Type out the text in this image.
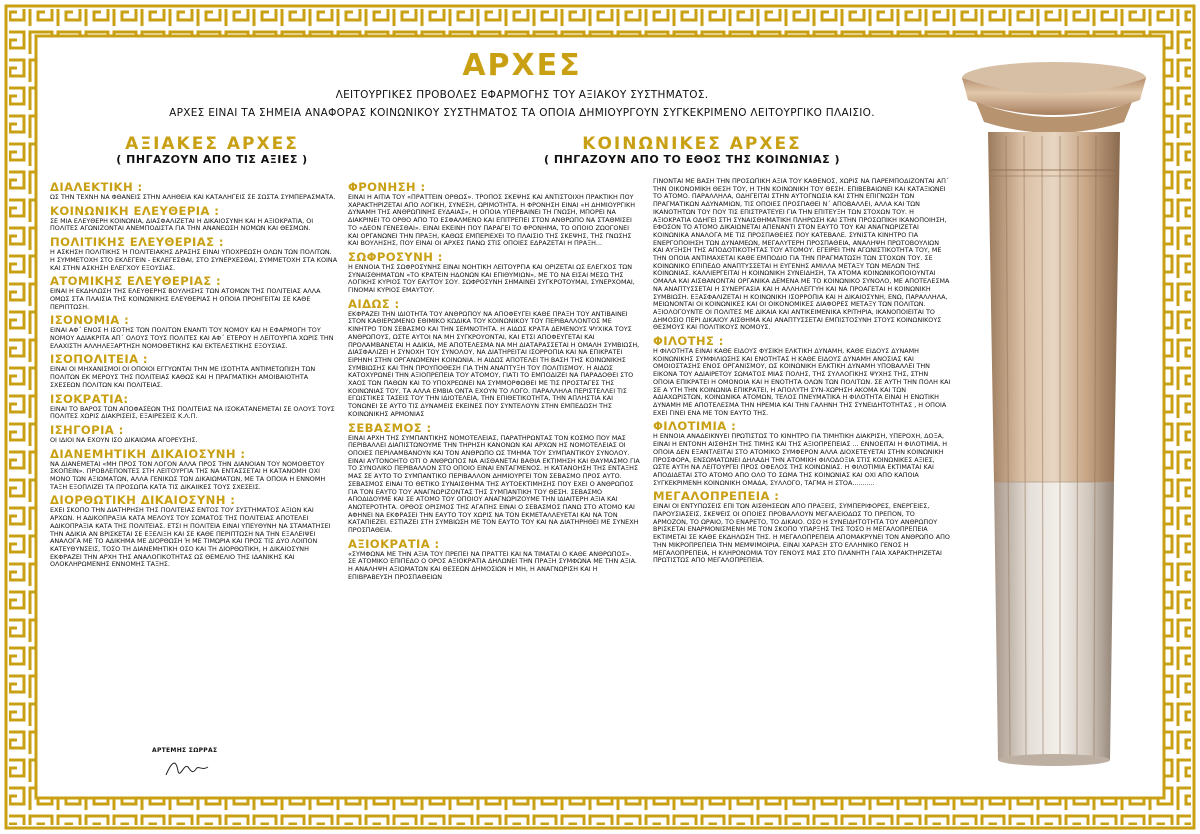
ΑΡΧΕΣ
ΛΕΙΤΟΥΡΓΙΚΕΣ ΠΡΟΒΟΛΕΣ ΕΦΑΡΜΟΓΗΣ ΤΟΥ ΑΞΙΑΚΟΥ ΣΥΣΤΗΜΑΤΟΣ.
ΑΡΧΕΣ ΕΙΝΑΙ ΤΑ ΣΗΜΕΙΑ ΑΝΑΦΟΡΑΣ ΚΟΙΝΩΝΙΚΟΥ ΣΥΣΤΗΜΑΤΟΣ ΤΑ ΟΠΟΙΑ ΔΗΜΙΟΥΡΓΟΥΝ ΣΥΓΚΕΚΡΙΜΕΝΟ ΛΕΙΤΟΥΡΓΙΚΟ ΠΛΑΙΣΙΟ.
ΑΞΙΑΚΕΣ ΑΡΧΕΣ
( ΠΗΓΑΖΟΥΝ ΑΠΟ ΤΙΣ ΑΞΙΕΣ )
ΚΟΙΝΩΝΙΚΕΣ ΑΡΧΕΣ
( ΠΗΓΑΖΟΥΝ ΑΠΟ ΤΟ ΕΘΟΣ ΤΗΣ ΚΟΙΝΩΝΙΑΣ )
ΔΙΑΛΕΚΤΙΚΗ :
ΩΣ ΤΗΝ ΤΕΧΝΗ ΝΑ ΦΘΑΝΕΙΣ ΣΤΗΝ ΑΛΗΘΕΙΑ ΚΑΙ ΚΑΤΑΛΗΓΕΙΣ ΣΕ ΣΩΣΤΑ ΣΥΜΠΕΡΑΣΜΑΤΑ.
ΚΟΙΝΩΝΙΚΗ ΕΛΕΥΘΕΡΙΑ :
ΣΕ ΜΙΑ ΕΛΕΥΘΕΡΗ ΚΟΙΝΩΝΙΑ, ΔΙΑΣΦΑΛΙΖΕΤΑΙ Η ΔΙΚΑΙΟΣΥΝΗ ΚΑΙ Η ΑΞΙΟΚΡΑΤΙΑ, ΟΙ ΠΟΛΙΤΕΣ ΑΓΩΝΙΖΟΝΤΑΙ ΑΝΕΜΠΟΔΙΣΤΑ ΓΙΑ ΤΗΝ ΑΝΑΝΕΩΣΗ ΝΟΜΩΝ ΚΑΙ ΘΕΣΜΩΝ.
ΠΟΛΙΤΙΚΗΣ ΕΛΕΥΘΕΡΙΑΣ :
Η ΑΣΚΗΣΗ ΠΟΛΙΤΙΚΗΣ Ή ΠΟΛΙΤΕΙΑΚΗΣ ΔΡΑΣΗΣ ΕΙΝΑΙ ΥΠΟΧΡΕΩΣΗ ΟΛΩΝ ΤΩΝ ΠΟΛΙΤΩΝ. Η ΣΥΜΜΕΤΟΧΗ ΣΤΟ ΕΚΛΕΓΕΙΝ - ΕΚΛΕΓΕΣΘΑΙ, ΣΤΟ ΣΥΝΕΡΧΕΣΘΑΙ, ΣΥΜΜΕΤΟΧΗ ΣΤΑ ΚΟΙΝΑ ΚΑΙ ΣΤΗΝ ΑΣΚΗΣΗ ΕΛΕΓΧΟΥ ΕΞΟΥΣΙΑΣ.
ΑΤΟΜΙΚΗΣ ΕΛΕΥΘΕΡΙΑΣ :
ΕΙΝΑΙ Η ΕΚΔΗΛΩΣΗ ΤΗΣ ΕΛΕΥΘΕΡΗΣ ΒΟΥΛΗΣΗΣ ΤΩΝ ΑΤΟΜΩΝ ΤΗΣ ΠΟΛΙΤΕΙΑΣ ΑΛΛΑ ΟΜΩΣ ΣΤΑ ΠΛΑΙΣΙΑ ΤΗΣ ΚΟΙΝΩΝΙΚΗΣ ΕΛΕΥΘΕΡΙΑΣ Η ΟΠΟΙΑ ΠΡΟΗΓΕΙΤΑΙ ΣΕ ΚΑΘΕ ΠΕΡΙΠΤΩΣΗ.
ΙΣΟΝΟΜΙΑ :
ΕΙΝΑΙ ΑΦ΄ ΕΝΟΣ Η ΙΣΟΤΗΣ ΤΩΝ ΠΟΛΙΤΩΝ ΕΝΑΝΤΙ ΤΟΥ ΝΟΜΟΥ ΚΑΙ Η ΕΦΑΡΜΟΓΗ ΤΟΥ ΝΟΜΟΥ ΑΔΙΑΚΡΙΤΑ ΑΠ΄ ΟΛΟΥΣ ΤΟΥΣ ΠΟΛΙΤΕΣ ΚΑΙ ΑΦ΄ ΕΤΕΡΟΥ Η ΛΕΙΤΟΥΡΓΙΑ ΧΩΡΙΣ ΤΗΝ ΕΛΑΧΙΣΤΗ ΑΛΛΗΛΕΞΑΡΤΗΣΗ ΝΟΜΟΘΕΤΙΚΗΣ ΚΑΙ ΕΚΤΕΛΕΣΤΙΚΗΣ ΕΞΟΥΣΙΑΣ.
ΙΣΟΠΟΛΙΤΕΙΑ :
ΕΙΝΑΙ ΟΙ ΜΗΧΑΝΙΣΜΟΙ ΟΙ ΟΠΟΙΟΙ ΕΓΓΥΩΝΤΑΙ ΤΗΝ ΜΕ ΙΣΟΤΗΤΑ ΑΝΤΙΜΕΤΩΠΙΣΗ ΤΩΝ ΠΟΛΙΤΩΝ ΕΚ ΜΕΡΟΥΣ ΤΗΣ ΠΟΛΙΤΕΙΑΣ ΚΑΘΩΣ ΚΑΙ Η ΠΡΑΓΜΑΤΙΚΗ ΑΜΟΙΒΑΙΟΤΗΤΑ ΣΧΕΣΕΩΝ ΠΟΛΙΤΩΝ ΚΑΙ ΠΟΛΙΤΕΙΑΣ.
ΙΣΟΚΡΑΤΙΑ:
ΕΙΝΑΙ ΤΟ ΒΑΡΟΣ ΤΩΝ ΑΠΟΦΑΣΕΩΝ ΤΗΣ ΠΟΛΙΤΕΙΑΣ ΝΑ ΙΣΟΚΑΤΑΝΕΜΕΤΑΙ ΣΕ ΟΛΟΥΣ ΤΟΥΣ ΠΟΛΙΤΕΣ ΧΩΡΙΣ ΔΙΑΚΡΙΣΕΙΣ, ΕΞΑΙΡΕΣΕΙΣ Κ.Λ.Π.
ΙΣΗΓΟΡΙΑ :
ΟΙ ΙΔΙΟΙ ΝΑ ΕΧΟΥΝ ΙΣΟ ΔΙΚΑΙΩΜΑ ΑΓΟΡΕΥΣΗΣ.
ΔΙΑΝΕΜΗΤΙΚΗ ΔΙΚΑΙΟΣΥΝΗ :
ΝΑ ΔΙΑΝΕΜΕΤΑΙ «ΜΗ ΠΡΟΣ ΤΟΝ ΛΟΓΟΝ ΑΛΛΑ ΠΡΟΣ ΤΗΝ ΔΙΑΝΟΙΑΝ ΤΟΥ ΝΟΜΟΘΕΤΟΥ ΣΚΟΠΕΙΝ». ΠΡΟΒΛΕΠΟΝΤΕΣ ΣΤΗ ΛΕΙΤΟΥΡΓΙΑ ΤΗΣ ΝΑ ΕΝΤΑΣΣΕΤΑΙ Η ΚΑΤΑΝΟΜΗ ΟΧΙ ΜΟΝΟ ΤΩΝ ΑΞΙΩΜΑΤΩΝ, ΑΛΛΑ ΓΕΝΙΚΩΣ ΤΩΝ ΔΙΚΑΙΩΜΑΤΩΝ, ΜΕ ΤΑ ΟΠΟΙΑ Η ΕΝΝΟΜΗ ΤΑΞΗ ΕΞΟΠΛΙΖΕΙ ΤΑ ΠΡΟΣΩΠΑ ΚΑΤΑ ΤΙΣ ΔΙΚΑΙΙΚΕΣ ΤΟΥΣ ΣΧΕΣΕΙΣ.
ΔΙΟΡΘΩΤΙΚΗ ΔΙΚΑΙΟΣΥΝΗ :
ΕΧΕΙ ΣΚΟΠΟ ΤΗΝ ΔΙΑΤΗΡΗΣΗ ΤΗΣ ΠΟΛΙΤΕΙΑΣ ΕΝΤΟΣ ΤΟΥ ΣΥΣΤΗΜΑΤΟΣ ΑΞΙΩΝ ΚΑΙ ΑΡΧΩΝ. Η ΑΔΙΚΟΠΡΑΞΙΑ ΚΑΤΑ ΜΕΛΟΥΣ ΤΟΥ ΣΩΜΑΤΟΣ ΤΗΣ ΠΟΛΙΤΕΙΑΣ ΑΠΟΤΕΛΕΙ ΑΔΙΚΟΠΡΑΞΙΑ ΚΑΤΑ ΤΗΣ ΠΟΛΙΤΕΙΑΣ. ΕΤΣΙ Η ΠΟΛΙΤΕΙΑ ΕΙΝΑΙ ΥΠΕΥΘΥΝΗ ΝΑ ΣΤΑΜΑΤΗΣΕΙ ΤΗΝ ΑΔΙΚΙΑ ΑΝ ΒΡΙΣΚΕΤΑΙ ΣΕ ΕΞΕΛΙΞΗ ΚΑΙ ΣΕ ΚΑΘΕ ΠΕΡΙΠΤΩΣΗ ΝΑ ΤΗΝ ΕΞΑΛΕΙΨΕΙ ΑΝΑΛΟΓΑ ΜΕ ΤΟ ΑΔΙΚΗΜΑ ΜΕ ΔΙΟΡΘΩΣΗ Ή ΜΕ ΤΙΜΩΡΙΑ ΚΑΙ ΠΡΟΣ ΤΙΣ ΔΥΟ ΛΟΙΠΟΝ ΚΑΤΕΥΘΥΝΣΕΙΣ, ΤΟΣΟ ΤΗ ΔΙΑΝΕΜΗΤΙΚΗ ΟΣΟ ΚΑΙ ΤΗ ΔΙΟΡΘΩΤΙΚΗ, Η ΔΙΚΑΙΟΣΥΝΗ ΕΚΦΡΑΖΕΙ ΤΗΝ ΑΡΧΗ ΤΗΣ ΑΝΑΛΟΓΙΚΟΤΗΤΑΣ ΩΣ ΘΕΜΕΛΙΟ ΤΗΣ ΙΔΑΝΙΚΗΣ ΚΑΙ ΟΛΟΚΛΗΡΩΜΕΝΗΣ ΕΝΝΟΜΗΣ ΤΑΞΗΣ.
ΦΡΟΝΗΣΗ :
ΕΙΝΑΙ Η ΑΙΤΙΑ ΤΟΥ «ΠΡΑΤΤΕΙΝ ΟΡΘΩΣ». ΤΡΟΠΟΣ ΣΚΕΨΗΣ ΚΑΙ ΑΝΤΙΣΤΟΙΧΗ ΠΡΑΚΤΙΚΗ ΠΟΥ ΧΑΡΑΚΤΗΡΙΖΕΤΑΙ ΑΠΟ ΛΟΓΙΚΗ, ΣΥΝΕΣΗ, ΩΡΙΜΟΤΗΤΑ. Η ΦΡΟΝΗΣΗ ΕΙΝΑΙ «Η ΔΗΜΙΟΥΡΓΙΚΗ ΔΥΝΑΜΗ ΤΗΣ ΑΝΘΡΩΠΙΝΗΣ ΕΥΔΑΙΑΣ», Η ΟΠΟΙΑ ΥΠΕΡΒΑΙΝΕΙ ΤΗ ΓΝΩΣΗ, ΜΠΟΡΕΙ ΝΑ ΔΙΑΚΡΙΝΕΙ ΤΟ ΟΡΘΟ ΑΠΟ ΤΟ ΕΣΦΑΛΜΕΝΟ ΚΑΙ ΕΠΙΤΡΕΠΕΙ ΣΤΟΝ ΑΝΘΡΩΠΟ ΝΑ ΣΤΑΘΜΙΣΕΙ ΤΟ «ΔΕΟΝ ΓΕΝΕΣΘΑΙ». ΕΙΝΑΙ ΕΚΕΙΝΗ ΠΟΥ ΠΑΡΑΓΕΙ ΤΟ ΦΡΟΝΗΜΑ, ΤΟ ΟΠΟΙΟ ΖΩΟΓΟΝΕΙ ΚΑΙ ΟΡΓΑΝΩΝΕΙ ΤΗΝ ΠΡΑΞΗ, ΚΑΘΩΣ ΕΜΠΕΡΙΕΧΕΙ ΤΟ ΠΛΑΙΣΙΟ ΤΗΣ ΣΚΕΨΗΣ, ΤΗΣ ΓΝΩΣΗΣ ΚΑΙ ΒΟΥΛΗΣΗΣ, ΠΟΥ ΕΙΝΑΙ ΟΙ ΑΡΧΕΣ ΠΑΝΩ ΣΤΙΣ ΟΠΟΙΕΣ ΕΔΡΑΖΕΤΑΙ Η ΠΡΑΞΗ...
ΣΩΦΡΟΣΥΝΗ :
Η ΕΝΝΟΙΑ ΤΗΣ ΣΩΦΡΟΣΥΝΗΣ ΕΙΝΑΙ ΝΟΗΤΙΚΗ ΛΕΙΤΟΥΡΓΙΑ ΚΑΙ ΟΡΙΖΕΤΑΙ ΩΣ ΕΛΕΓΧΟΣ ΤΩΝ ΣΥΝΑΙΣΘΗΜΑΤΩΝ «ΤΟ ΚΡΑΤΕΙΝ ΗΔΟΝΩΝ ΚΑΙ ΕΠΙΘΥΜΙΩΝ», ΜΕ ΤΟ ΝΑ ΕΙΣΑΙ ΜΕΣΩ ΤΗΣ ΛΟΓΙΚΗΣ ΚΥΡΙΟΣ ΤΟΥ ΕΑΥΤΟΥ ΣΟΥ. ΣΩΦΡΟΣΥΝΗ ΣΗΜΑΙΝΕΙ ΣΥΓΚΡΟΤΟΥΜΑΙ, ΣΥΝΕΡΧΟΜΑΙ, ΓΙΝΟΜΑΙ ΚΥΡΙΟΣ ΕΜΑΥΤΟΥ.
ΑΙΔΩΣ :
ΕΚΦΡΑΖΕΙ ΤΗΝ ΙΔΙΟΤΗΤΑ ΤΟΥ ΑΝΘΡΩΠΟΥ ΝΑ ΑΠΟΦΕΥΓΕΙ ΚΑΘΕ ΠΡΑΞΗ ΤΟΥ ΑΝΤΙΒΑΙΝΕΙ ΣΤΟΝ ΚΑΘΙΕΡΩΜΕΝΟ ΕΘΙΜΙΚΟ ΚΩΔΙΚΑ ΤΟΥ ΚΟΙΝΩΝΙΚΟΥ ΤΟΥ ΠΕΡΙΒΑΛΛΟΝΤΟΣ ΜΕ ΚΙΝΗΤΡΟ ΤΟΝ ΣΕΒΑΣΜΟ ΚΑΙ ΤΗΝ ΣΕΜΝΟΤΗΤΑ. Η ΑΙΔΩΣ ΚΡΑΤΑ ΔΕΜΕΝΟΥΣ ΨΥΧΙΚΑ ΤΟΥΣ ΑΝΘΡΩΠΟΥΣ, ΩΣΤΕ ΑΥΤΟΙ ΝΑ ΜΗ ΣΥΓΚΡΟΥΟΝΤΑΙ, ΚΑΙ ΕΤΣΙ ΑΠΟΦΕΥΓΕΤΑΙ ΚΑΙ ΠΡΟΛΑΜΒΑΝΕΤΑΙ Η ΑΔΙΚΙΑ, ΜΕ ΑΠΟΤΕΛΕΣΜΑ ΝΑ ΜΗ ΔΙΑΤΑΡΑΣΣΕΤΑΙ Η ΟΜΑΛΗ ΣΥΜΒΙΩΣΗ, ΔΙΑΣΦΑΛΙΖΕΙ Η ΣΥΝΟΧΗ ΤΟΥ ΣΥΝΟΛΟΥ, ΝΑ ΔΙΑΤΗΡΕΙΤΑΙ ΙΣΟΡΡΟΠΙΑ ΚΑΙ ΝΑ ΕΠΙΚΡΑΤΕΙ ΕΙΡΗΝΗ ΣΤΗΝ ΟΡΓΑΝΩΜΕΝΗ ΚΟΙΝΩΝΙΑ. Η ΑΙΔΩΣ ΑΠΟΤΕΛΕΙ ΤΗ ΒΑΣΗ ΤΗΣ ΚΟΙΝΩΝΙΚΗΣ ΣΥΜΒΙΩΣΗΣ ΚΑΙ ΤΗΝ ΠΡΟΥΠΟΘΕΣΗ ΓΙΑ ΤΗΝ ΑΝΑΠΤΥΞΗ ΤΟΥ ΠΟΛΙΤΙΣΜΟΥ. Η ΑΙΔΩΣ ΚΑΤΟΧΥΡΩΝΕΙ ΤΗΝ ΑΞΙΟΠΡΕΠΕΙΑ ΤΟΥ ΑΤΟΜΟΥ, ΓΙΑΤΙ ΤΟ ΕΜΠΟΔΙΖΕΙ ΝΑ ΠΑΡΑΔΟΘΕΙ ΣΤΟ ΧΑΟΣ ΤΩΝ ΠΑΘΩΝ ΚΑΙ ΤΟ ΥΠΟΧΡΕΩΝΕΙ ΝΑ ΣΥΜΜΟΡΦΩΘΕΙ ΜΕ ΤΙΣ ΠΡΟΣΤΑΓΕΣ ΤΗΣ ΚΟΙΝΩΝΙΑΣ ΤΟΥ. ΤΑ ΑΛΛΑ ΕΜΒΙΑ ΟΝΤΑ ΕΧΟΥΝ ΤΟ ΛΟΓΟ. ΠΑΡΑΛΛΗΛΑ ΠΕΡΙΣΤΕΛΛΕΙ ΤΙΣ ΕΓΩΙΣΤΙΚΕΣ ΤΑΣΕΙΣ ΤΟΥ ΤΗΝ ΙΔΙΟΤΕΛΕΙΑ, ΤΗΝ ΕΠΙΘΕΤΙΚΟΤΗΤΑ, ΤΗΝ ΑΠΛΗΣΤΙΑ ΚΑΙ ΤΟΝΩΝΕΙ ΣΕ ΑΥΤΟ ΤΙΣ ΔΥΝΑΜΕΙΣ ΕΚΕΙΝΕΣ ΠΟΥ ΣΥΝΤΕΛΟΥΝ ΣΤΗΝ ΕΜΠΕΔΩΣΗ ΤΗΣ ΚΟΙΝΩΝΙΚΗΣ ΑΡΜΟΝΙΑΣ
ΣΕΒΑΣΜΟΣ :
ΕΙΝΑΙ ΑΡΧΗ ΤΗΣ ΣΥΜΠΑΝΤΙΚΗΣ ΝΟΜΟΤΕΛΕΙΑΣ, ΠΑΡΑΤΗΡΩΝΤΑΣ ΤΟΝ ΚΟΣΜΟ ΠΟΥ ΜΑΣ ΠΕΡΙΒΑΛΛΕΙ ΔΙΑΠΙΣΤΩΝΟΥΜΕ ΤΗΝ ΤΗΡΗΣΗ ΚΑΝΟΝΩΝ ΚΑΙ ΑΡΧΩΝ ΗΣ ΝΟΜΟΤΕΛΕΙΑΣ ΟΙ ΟΠΟΙΕΣ ΠΕΡΙΛΑΜΒΑΝΟΥΝ ΚΑΙ ΤΟΝ ΑΝΘΡΩΠΟ ΩΣ ΤΜΗΜΑ ΤΟΥ ΣΥΜΠΑΝΤΙΚΟΥ ΣΥΝΟΛΟΥ. ΕΙΝΑΙ ΑΥΤΟΝΟΗΤΟ ΟΤΙ Ο ΑΝΘΡΩΠΟΣ ΝΑ ΑΙΣΘΑΝΕΤΑΙ ΒΑΘΙΑ ΕΚΤΙΜΗΣΗ ΚΑΙ ΘΑΥΜΑΣΜΟ ΓΙΑ ΤΟ ΣΥΝΟΛΙΚΟ ΠΕΡΙΒΑΛΛΟΝ ΣΤΟ ΟΠΟΙΟ ΕΙΝΑΙ ΕΝΤΑΓΜΕΝΟΣ. Η ΚΑΤΑΝΟΗΣΗ ΤΗΣ ΕΝΤΑΞΗΣ ΜΑΣ ΣΕ ΑΥΤΟ ΤΟ ΣΥΜΠΑΝΤΙΚΟ ΠΕΡΙΒΑΛΛΟΝ ΔΗΜΙΟΥΡΓΕΙ ΤΟΝ ΣΕΒΑΣΜΟ ΠΡΟΣ ΑΥΤΟ. ΣΕΒΑΣΜΟΣ ΕΙΝΑΙ ΤΟ ΘΕΤΙΚΟ ΣΥΝΑΙΣΘΗΜΑ ΤΗΣ ΑΥΤΟΕΚΤΙΜΗΣΗΣ ΠΟΥ ΕΧΕΙ Ο ΑΝΘΡΩΠΟΣ ΓΙΑ ΤΟΝ ΕΑΥΤΟ ΤΟΥ ΑΝΑΓΝΩΡΙΖΟΝΤΑΣ ΤΗΣ ΣΥΜΠΑΝΤΙΚΗ ΤΟΥ ΘΕΣΗ. ΣΕΒΑΣΜΟ ΑΠΟΔΙΔΟΥΜΕ ΚΑΙ ΣΕ ΑΤΟΜΟ ΤΟΥ ΟΠΟΙΟΥ ΑΝΑΓΝΩΡΙΖΟΥΜΕ ΤΗΝ ΙΔΙΑΙΤΕΡΗ ΑΞΙΑ ΚΑΙ ΑΝΩΤΕΡΟΤΗΤΑ. ΟΡΘΟΣ ΟΡΙΣΜΟΣ ΤΗΣ ΑΓΑΠΗΣ ΕΙΝΑΙ Ο ΣΕΒΑΣΜΟΣ ΠΑΝΩ ΣΤΟ ΑΤΟΜΟ ΚΑΙ ΑΦΗΝΕΙ ΝΑ ΕΚΦΡΑΣΕΙ ΤΗΝ ΕΑΥΤΟ ΤΟΥ ΧΩΡΙΣ ΝΑ ΤΟΝ ΕΚΜΕΤΑΛΛΕΥΕΤΑΙ ΚΑΙ ΝΑ ΤΟΝ ΚΑΤΑΠΙΕΖΕΙ. ΕΣΤΙΑΖΕΙ ΣΤΗ ΣΥΜΒΙΩΣΗ ΜΕ ΤΟΝ ΕΑΥΤΟ ΤΟΥ ΚΑΙ ΝΑ ΔΙΑΤΗΡΗΘΕΙ ΜΕ ΣΥΝΕΧΗ ΠΡΟΣΠΑΘΕΙΑ.
ΑΞΙΟΚΡΑΤΙΑ :
«ΣΥΜΦΩΝΑ ΜΕ ΤΗΝ ΑΞΙΑ ΤΟΥ ΠΡΕΠΕΙ ΝΑ ΠΡΑΤΤΕΙ ΚΑΙ ΝΑ ΤΙΜΑΤΑΙ Ο ΚΑΘΕ ΑΝΘΡΩΠΟΣ». ΣΕ ΑΤΟΜΙΚΟ ΕΠΙΠΕΔΟ Ο ΟΡΟΣ ΑΞΙΟΚΡΑΤΙΑ ΔΗΛΩΝΕΙ ΤΗΝ ΠΡΑΞΗ ΣΥΜΦΩΝΑ ΜΕ ΤΗΝ ΑΞΙΑ. Η ΑΝΑΛΗΨΗ ΑΞΙΩΜΑΤΩΝ ΚΑΙ ΘΕΣΕΩΝ ΔΗΜΟΣΙΩΝ Η ΜΗ, Η ΑΝΑΓΝΩΡΙΣΗ ΚΑΙ Η ΕΠΙΒΡΑΒΕΥΣΗ ΠΡΟΣΠΑΘΕΙΩΝ
ΓΙΝΟΝΤΑΙ ΜΕ ΒΑΣΗ ΤΗΝ ΠΡΟΣΩΠΙΚΗ ΑΞΙΑ ΤΟΥ ΚΑΘΕΝΟΣ, ΧΩΡΙΣ ΝΑ ΠΑΡΕΜΠΟΔΙΖΟΝΤΑΙ ΑΠ΄ ΤΗΝ ΟΙΚΟΝΟΜΙΚΗ ΘΕΣΗ ΤΟΥ, Η ΤΗΝ ΚΟΙΝΩΝΙΚΗ ΤΟΥ ΘΕΣΗ. ΕΠΙΒΕΒΑΙΩΝΕΙ ΚΑΙ ΚΑΤΑΞΙΩΝΕΙ ΤΟ ΑΤΟΜΟ. ΠΑΡΑΛΛΗΛΑ, ΟΔΗΓΕΙΤΑΙ ΣΤΗΝ ΑΥΤΟΓΝΩΣΙΑ ΚΑΙ ΣΤΗΝ ΕΠΙΓΝΩΣΗ ΤΩΝ ΠΡΑΓΜΑΤΙΚΩΝ ΑΔΥΝΑΜΙΩΝ, ΤΙΣ ΟΠΟΙΕΣ ΠΡΟΣΠΑΘΕΙ Ν΄ ΑΠΟΒΑΛΛΕΙ, ΑΛΛΑ ΚΑΙ ΤΩΝ ΙΚΑΝΟΤΗΤΩΝ ΤΟΥ ΠΟΥ ΤΙΣ ΕΠΙΣΤΡΑΤΕΥΕΙ ΓΙΑ ΤΗΝ ΕΠΙΤΕΥΞΗ ΤΩΝ ΣΤΟΧΩΝ ΤΟΥ. Η ΑΞΙΟΚΡΑΤΙΑ ΟΔΗΓΕΙ ΣΤΗ ΣΥΝΑΙΣΘΗΜΑΤΙΚΗ ΠΛΗΡΩΣΗ ΚΑΙ ΣΤΗΝ ΠΡΟΣΩΠΙΚΗ ΙΚΑΝΟΠΟΙΗΣΗ, ΕΦΟΣΟΝ ΤΟ ΑΤΟΜΟ ΔΙΚΑΙΩΝΕΤΑΙ ΑΠΕΝΑΝΤΙ ΣΤΟΝ ΕΑΥΤΟ ΤΟΥ ΚΑΙ ΑΝΑΓΝΩΡΙΖΕΤΑΙ ΚΟΙΝΩΝΙΚΑ ΑΝΑΛΟΓΑ ΜΕ ΤΙΣ ΠΡΟΣΠΑΘΕΙΕΣ ΠΟΥ ΚΑΤΕΒΑΛΕ. ΣΥΝΙΣΤΑ ΚΙΝΗΤΡΟ ΓΙΑ ΕΝΕΡΓΟΠΟΙΗΣΗ ΤΩΝ ΔΥΝΑΜΕΩΝ, ΜΕΓΑΛΥΤΕΡΗ ΠΡΟΣΠΑΘΕΙΑ, ΑΝΑΛΗΨΗ ΠΡΩΤΟΒΟΥΛΙΩΝ ΚΑΙ ΑΥΞΗΣΗ ΤΗΣ ΑΠΟΔΟΤΙΚΟΤΗΤΑΣ ΤΟΥ ΑΤΟΜΟΥ. ΕΓΕΙΡΕΙ ΤΗΝ ΑΓΩΝΙΣΤΙΚΟΤΗΤΑ ΤΟΥ, ΜΕ ΤΗΝ ΟΠΟΙΑ ΑΝΤΙΜΑΧΕΤΑΙ ΚΑΘΕ ΕΜΠΟΔΙΟ ΓΙΑ ΤΗΝ ΠΡΑΓΜΑΤΩΣΗ ΤΩΝ ΣΤΟΧΩΝ ΤΟΥ. ΣΕ ΚΟΙΝΩΝΙΚΟ ΕΠΙΠΕΔΟ ΑΝΑΠΤΥΣΣΕΤΑΙ Η ΕΥΓΕΝΗΣ ΑΜΙΛΛΑ ΜΕΤΑΞΥ ΤΩΝ ΜΕΛΩΝ ΤΗΣ ΚΟΙΝΩΝΙΑΣ. ΚΑΛΛΙΕΡΓΕΙΤΑΙ Η ΚΟΙΝΩΝΙΚΗ ΣΥΝΕΙΔΗΣΗ, ΤΑ ΑΤΟΜΑ ΚΟΙΝΩΝΙΚΟΠΟΙΟΥΝΤΑΙ ΟΜΑΛΑ ΚΑΙ ΑΙΣΘΑΝΟΝΤΑΙ ΟΡΓΑΝΙΚΑ ΔΕΜΕΝΑ ΜΕ ΤΟ ΚΟΙΝΩΝΙΚΟ ΣΥΝΟΛΟ, ΜΕ ΑΠΟΤΕΛΕΣΜΑ ΝΑ ΑΝΑΠΤΥΣΣΕΤΑΙ Η ΣΥΝΕΡΓΑΣΙΑ ΚΑΙ Η ΑΛΛΗΛΕΓΓΥΗ ΚΑΙ ΝΑ ΠΡΟΑΓΕΤΑΙ Η ΚΟΙΝΩΝΙΚΗ ΣΥΜΒΙΩΣΗ. ΕΞΑΣΦΑΛΙΖΕΤΑΙ Η ΚΟΙΝΩΝΙΚΗ ΙΣΟΡΡΟΠΙΑ ΚΑΙ Η ΔΙΚΑΙΟΣΥΝΗ, ΕΝΩ, ΠΑΡΑΛΛΗΛΑ, ΜΕΙΩΝΟΝΤΑΙ ΟΙ ΚΟΙΝΩΝΙΚΕΣ ΚΑΙ ΟΙ ΟΙΚΟΝΟΜΙΚΕΣ ΔΙΑΦΟΡΕΣ ΜΕΤΑΞΥ ΤΩΝ ΠΟΛΙΤΩΝ. ΑΞΙΟΛΟΓΟΥΝΤΕ ΟΙ ΠΟΛΙΤΕΣ ΜΕ ΔΙΚΑΙΑ ΚΑΙ ΑΝΤΙΚΕΙΜΕΝΙΚΑ ΚΡΙΤΗΡΙΑ, ΙΚΑΝΟΠΟΙΕΙΤΑΙ ΤΟ ΔΗΜΟΣΙΟ ΠΕΡΙ ΔΙΚΑΙΟΥ ΑΙΣΘΗΜΑ ΚΑΙ ΑΝΑΠΤΥΣΣΕΤΑΙ ΕΜΠΙΣΤΟΣΥΝΗ ΣΤΟΥΣ ΚΟΙΝΩΝΙΚΟΥΣ ΘΕΣΜΟΥΣ ΚΑΙ ΠΟΛΙΤΙΚΟΥΣ ΝΟΜΟΥΣ.
ΦΙΛΟΤΗΣ :
Η ΦΙΛΟΤΗΤΑ ΕΙΝΑΙ ΚΑΘΕ ΕΙΔΟΥΣ ΦΥΣΙΚΗ ΕΛΚΤΙΚΗ ΔΥΝΑΜΗ, ΚΑΘΕ ΕΙΔΟΥΣ ΔΥΝΑΜΗ ΚΟΙΝΩΝΙΚΗΣ ΣΥΜΦΙΛΙΩΣΗΣ ΚΑΙ ΕΝΟΤΗΤΑΣ Η ΚΑΘΕ ΕΙΔΟΥΣ ΔΥΝΑΜΗ ΑΝΟΣΙΑΣ ΚΑΙ ΟΜΟΙΟΣΤΑΣΗΣ ΕΝΟΣ ΟΡΓΑΝΙΣΜΟΥ, ΩΣ ΚΟΙΝΩΝΙΚΗ ΕΛΚΤΙΚΗ ΔΥΝΑΜΗ ΥΠΟΒΑΛΛΕΙ ΤΗΝ ΕΙΚΟΝΑ ΤΟΥ ΑΔΙΑΙΡΕΤΟΥ ΣΩΜΑΤΟΣ ΜΙΑΣ ΠΟΛΗΣ, ΤΗΣ ΣΥΛΛΟΓΙΚΗΣ ΨΥΧΗΣ ΤΗΣ, ΣΤΗΝ ΟΠΟΙΑ ΕΠΙΚΡΑΤΕΙ Η ΟΜΟΝΟΙΑ ΚΑΙ Η ΕΝΟΤΗΤΑ ΟΛΩΝ ΤΩΝ ΠΟΛΙΤΩΝ. ΣΕ ΑΥΤΗ ΤΗΝ ΠΟΛΗ ΚΑΙ ΣΕ Α ΥΤΗ ΤΗΝ ΚΟΙΝΩΝΙΑ ΕΠΙΚΡΑΤΕΙ, Η ΑΠΟΛΥΤΗ ΣΥΝ-ΧΩΡΗΣΗ ΑΚΟΜΑ ΚΑΙ ΤΩΝ ΑΔΙΑΧΩΡΙΣΤΩΝ, ΚΟΙΝΩΝΙΚΑ ΑΤΟΜΩΝ, ΤΕΛΟΣ ΠΝΕΥΜΑΤΙΚΑ Η ΦΙΛΟΤΗΤΑ ΕΙΝΑΙ Η ΕΝΩΤΙΚΗ ΔΥΝΑΜΗ ΜΕ ΑΠΟΤΕΛΕΣΜΑ ΤΗΝ ΗΡΕΜΙΑ ΚΑΙ ΤΗΝ ΓΑΛΗΝΗ ΤΗΣ ΣΥΝΕΙΔΗΤΟΤΗΤΑΣ , Η ΟΠΟΙΑ ΕΧΕΙ ΓΙΝΕΙ ΕΝΑ ΜΕ ΤΟΝ ΕΑΥΤΟ ΤΗΣ.
ΦΙΛΟΤΙΜΙΑ :
Η ΕΝΝΟΙΑ ΑΝΑΔΕΙΚΝΥΕΙ ΠΡΩΤΙΣΤΩΣ ΤΟ ΚΙΝΗΤΡΟ ΓΙΑ ΤΙΜΗΤΙΚΗ ΔΙΑΚΡΙΣΗ, ΥΠΕΡΟΧΗ, ΔΟΞΑ, ΕΙΝΑΙ Η ΕΝΤΟΝΗ ΑΙΣΘΗΣΗ ΤΗΣ ΤΙΜΗΣ ΚΑΙ ΤΗΣ ΑΞΙΟΠΡΕΠΕΙΑΣ ... ΕΝΝΟΕΙΤΑΙ Η ΦΙΛΟΤΙΜΙΑ, Η ΟΠΟΙΑ ΔΕΝ ΕΞΑΝΤΛΕΙΤΑΙ ΣΤΟ ΑΤΟΜΙΚΟ ΣΥΜΦΕΡΟΝ ΑΛΛΑ ΔΙΟΧΕΤΕΥΕΤΑΙ ΣΤΗΝ ΚΟΙΝΩΝΙΚΗ ΠΡΟΣΦΟΡΑ, ΕΝΣΩΜΑΤΩΝΕΙ ΔΗΛΑΔΗ ΤΗΝ ΑΤΟΜΙΚΗ ΦΙΛΟΔΟΞΙΑ ΣΤΙΣ ΚΟΙΝΩΝΙΚΕΣ ΑΞΙΕΣ, ΩΣΤΕ ΑΥΤΗ ΝΑ ΛΕΙΤΟΥΡΓΕΙ ΠΡΟΣ ΟΦΕΛΟΣ ΤΗΣ ΚΟΙΝΩΝΙΑΣ. Η ΦΙΛΟΤΙΜΙΑ ΕΚΤΙΜΑΤΑΙ ΚΑΙ ΑΠΟΔΙΔΕΤΑΙ ΣΤΟ ΑΤΟΜΟ ΑΠΟ ΟΛΟ ΤΟ ΣΩΜΑ ΤΗΣ ΚΟΙΝΩΝΙΑΣ ΚΑΙ ΟΧΙ ΑΠΟ ΚΑΠΟΙΑ ΣΥΓΚΕΚΡΙΜΕΝΗ ΚΟΙΝΩΝΙΚΗ ΟΜΑΔΑ, ΣΥΛΛΟΓΟ, ΤΑΓΜΑ Η ΣΤΟΑ...........
ΜΕΓΑΛΟΠΡΕΠΕΙΑ :
ΕΙΝΑΙ ΟΙ ΕΝΤΥΠΩΣΕΙΣ ΕΠΙ ΤΩΝ ΑΙΣΘΗΣΕΩΝ ΑΠΟ ΠΡΑΞΕΙΣ, ΣΥΜΠΕΡΙΦΟΡΕΣ, ΕΝΕΡΓΕΙΕΣ, ΠΑΡΟΥΣΙΑΣΕΙΣ, ΣΚΕΨΕΙΣ ΟΙ ΟΠΟΙΕΣ ΠΡΟΒΑΛΛΟΥΝ ΜΕΓΑΛΕΙΟΔΩΣ ΤΟ ΠΡΕΠΟΝ, ΤΟ ΑΡΜΟΖΟΝ, ΤΟ ΩΡΑΙΟ, ΤΟ ΕΝΑΡΕΤΟ, ΤΟ ΔΙΚΑΙΟ. ΟΣΟ Η ΣΥΝΕΙΔΗΤΟΤΗΤΑ ΤΟΥ ΑΝΘΡΩΠΟΥ ΒΡΙΣΚΕΤΑΙ ΕΝΑΡΜΟΝΙΣΜΕΝΗ ΜΕ ΤΟΝ ΣΚΟΠΟ ΥΠΑΡΞΗΣ ΤΗΣ ΤΟΣΟ Η ΜΕΓΑΛΟΠΡΕΠΕΙΑ ΕΚΤΙΜΕΤΑΙ ΣΕ ΚΑΘΕ ΕΚΔΗΛΩΣΗ ΤΗΣ. Η ΜΕΓΑΛΟΠΡΕΠΕΙΑ ΑΠΟΜΑΚΡΥΝΕΙ ΤΟΝ ΑΝΘΡΩΠΟ ΑΠΟ ΤΗΝ ΜΙΚΡΟΠΡΕΠΕΙΑ ΤΗΝ ΜΕΜΨΙΜΟΙΡΙΑ. ΕΙΝΑΙ ΧΑΡΑΞΗ ΣΤΟ ΕΛΛΗΝΙΚΟ ΓΕΝΟΣ Η ΜΕΓΑΛΟΠΡΕΠΕΙΑ, Η ΚΛΗΡΟΝΟΜΙΑ ΤΟΥ ΓΕΝΟΥΣ ΜΑΣ ΣΤΟ ΠΛΑΝΗΤΗ ΓΑΙΑ ΧΑΡΑΚΤΗΡΙΖΕΤΑΙ ΠΡΩΤΙΣΤΩΣ ΑΠΟ ΜΕΓΑΛΟΠΡΕΠΕΙΑ.
ΑΡΤΕΜΗΣ ΣΩΡΡΑΣ
